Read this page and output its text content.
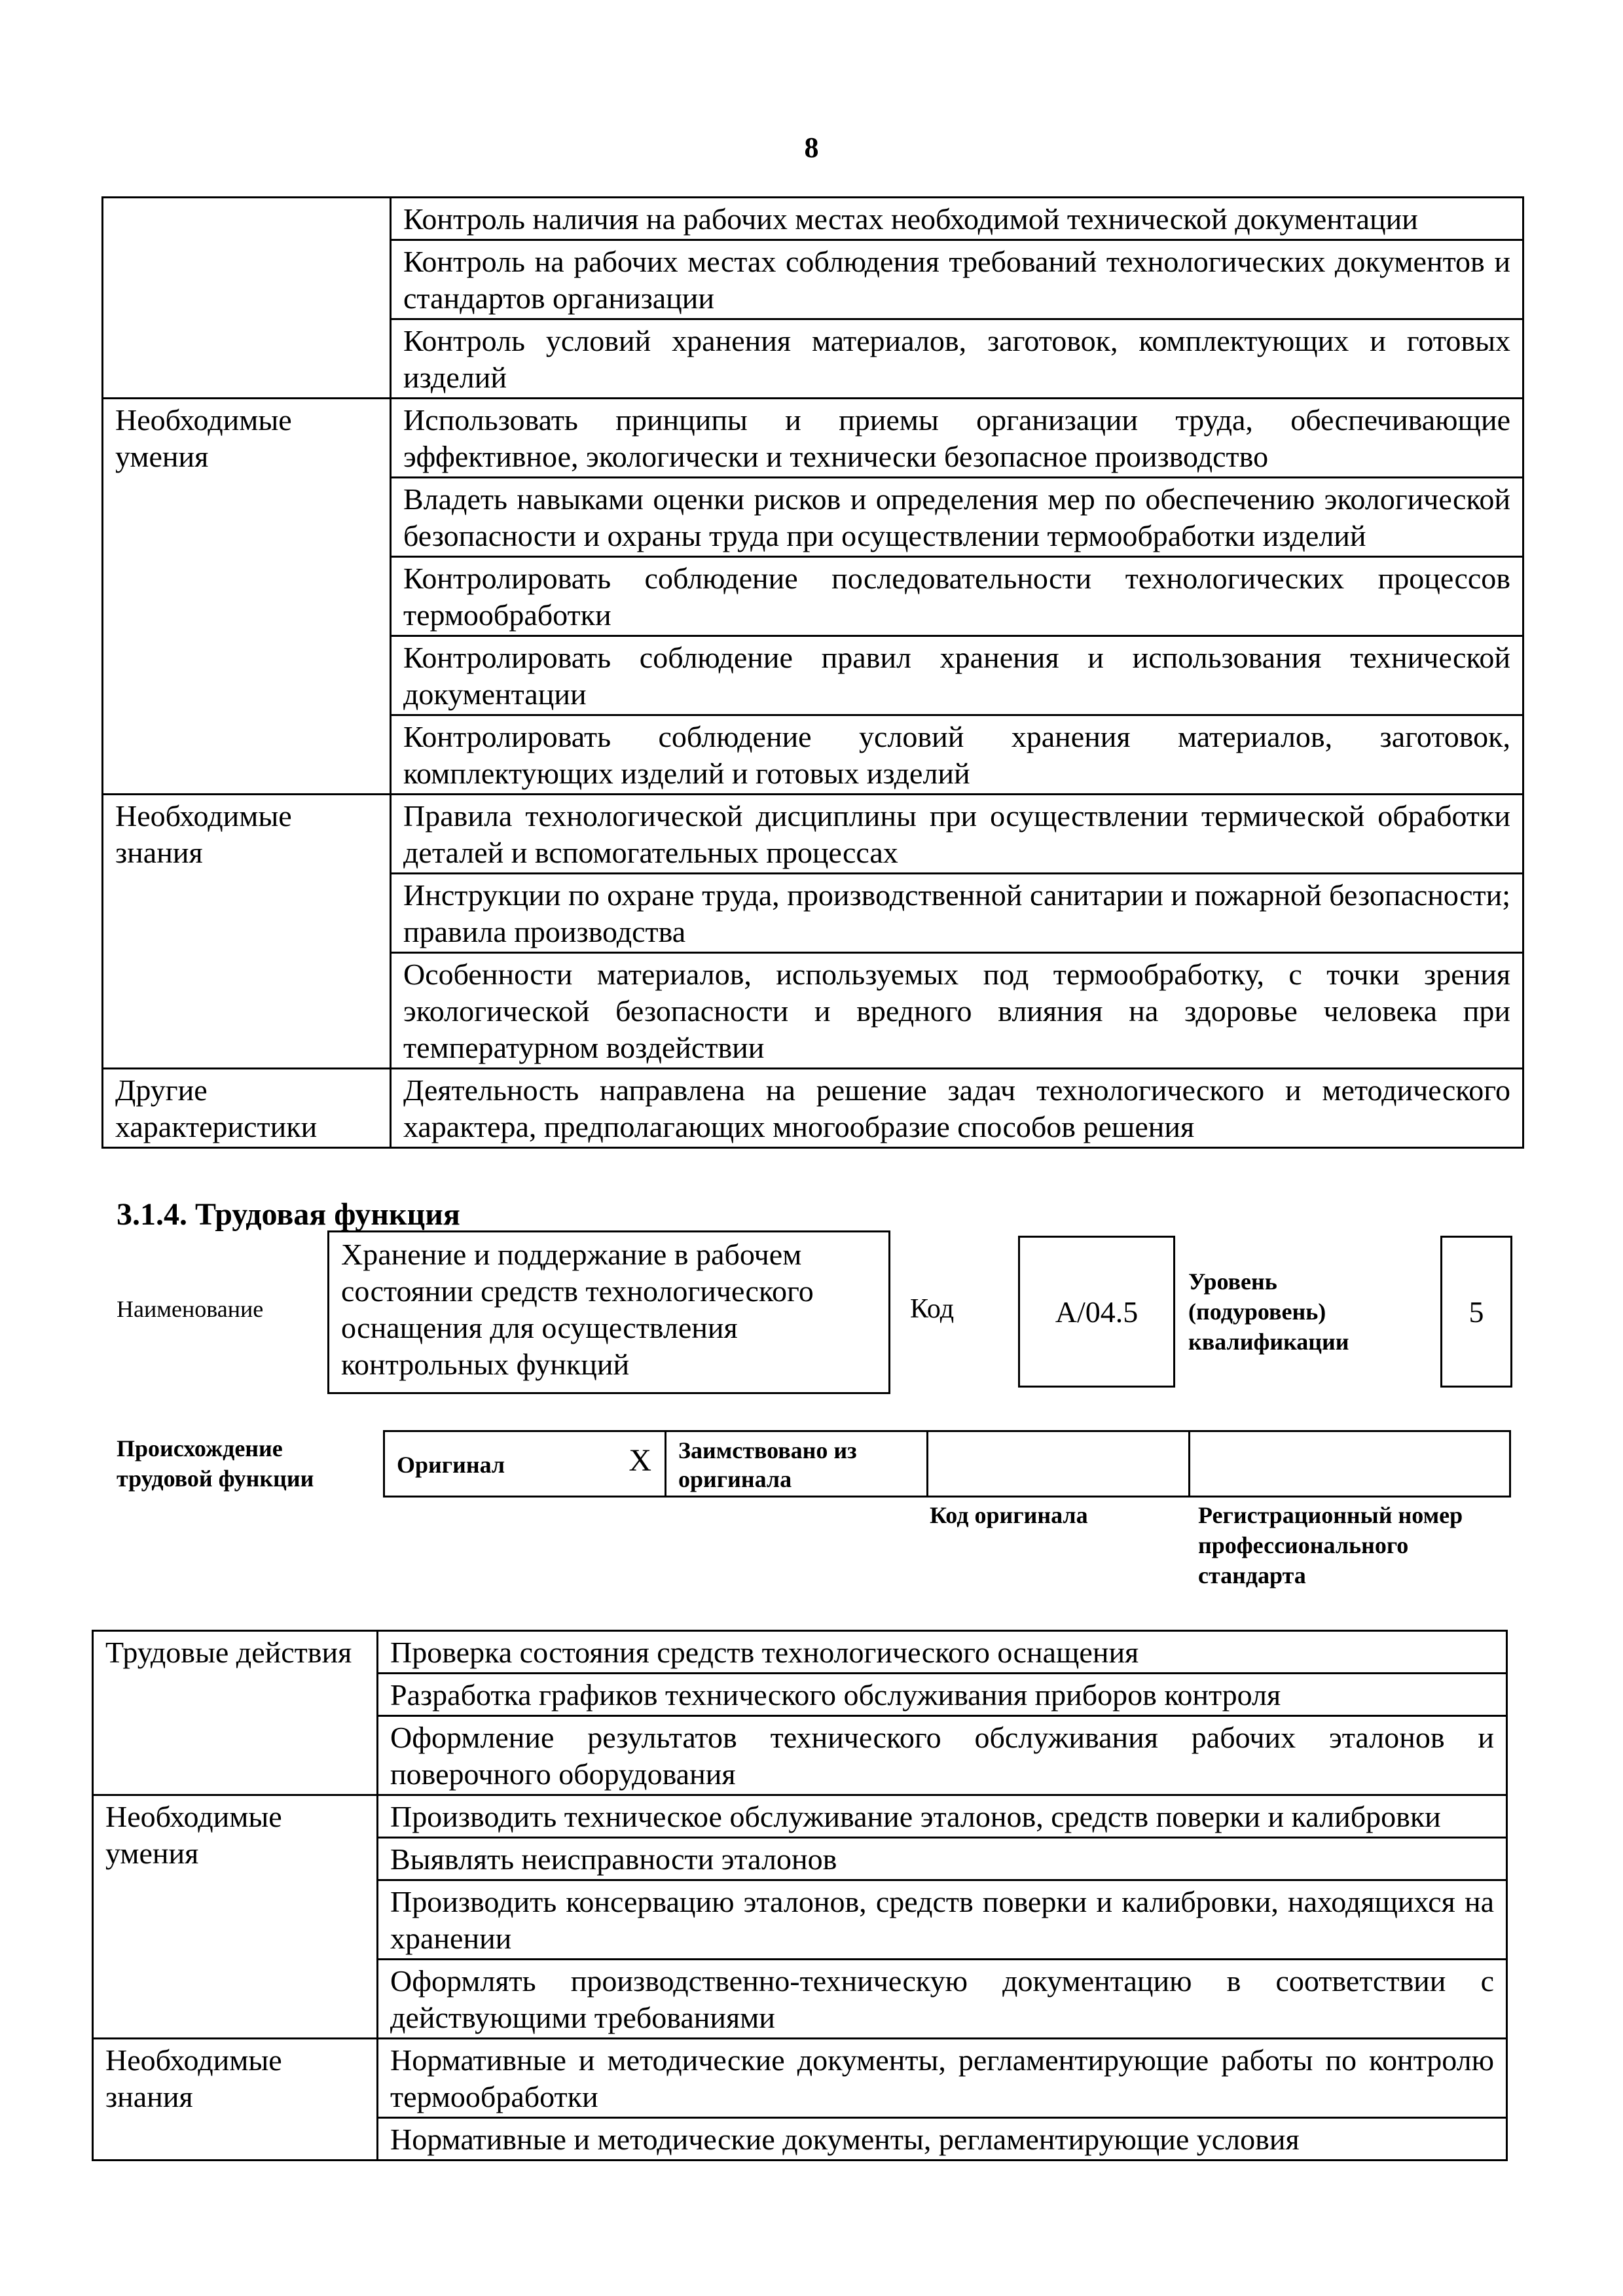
8
	Контроль наличия на рабочих местах необходимой технической документации
	Контроль на рабочих местах соблюдения требований технологических документов и стандартов организации
	Контроль условий хранения материалов, заготовок, комплектующих и готовых изделий
Необходимые умения	Использовать принципы и приемы организации труда, обеспечивающие эффективное, экологически и технически безопасное производство
	Владеть навыками оценки рисков и определения мер по обеспечению экологической безопасности и охраны труда при осуществлении термообработки изделий
	Контролировать соблюдение последовательности технологических процессов термообработки
	Контролировать соблюдение правил хранения и использования технической документации
	Контролировать соблюдение условий хранения материалов, заготовок, комплектующих изделий и готовых изделий
Необходимые знания	Правила технологической дисциплины при осуществлении термической обработки деталей и вспомогательных процессах
	Инструкции по охране труда, производственной санитарии и пожарной безопасности; правила производства
	Особенности материалов, используемых под термообработку, с точки зрения экологической безопасности и вредного влияния на здоровье человека при температурном воздействии
Другие характеристики	Деятельность направлена на решение задач технологического и методического характера, предполагающих многообразие способов решения
3.1.4. Трудовая функция
Наименование
Хранение и поддержание в рабочем состоянии средств технологического оснащения для осуществления контрольных функций
Код	A/04.5
Уровень (подуровень) квалификации
5
Происхождение трудовой функции
Оригинал	X	Заимствовано из оригинала		
Код оригинала	Регистрационный номер профессионального стандарта
Трудовые действия	Проверка состояния средств технологического оснащения
	Разработка графиков технического обслуживания приборов контроля
	Оформление результатов технического обслуживания рабочих эталонов и поверочного оборудования
Необходимые умения	Производить техническое обслуживание эталонов, средств поверки и калибровки
	Выявлять неисправности эталонов
	Производить консервацию эталонов, средств поверки и калибровки, находящихся на хранении
	Оформлять производственно-техническую документацию в соответствии с действующими требованиями
Необходимые знания	Нормативные и методические документы, регламентирующие работы по контролю термообработки
	Нормативные и методические документы, регламентирующие условия
